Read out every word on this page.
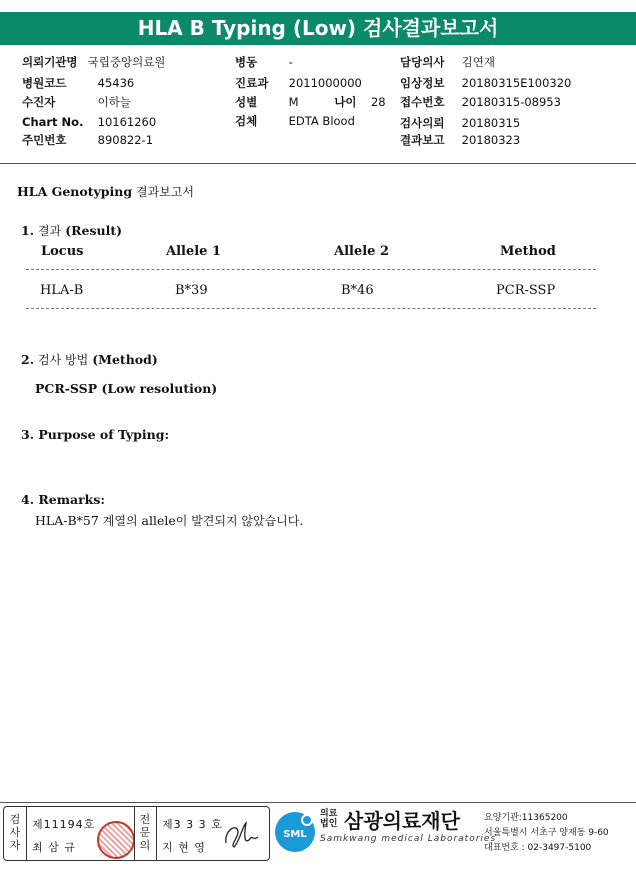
HLA B Typing (Low) 검사결과보고서
의뢰기관명 국립중앙의료원
병원코드	45436
수진자	이하늘
Chart No. 10161260
주민번호	890822-1
병동	-
진료과 2011000000
성별	M	나이 28
검체	EDTA Blood
담당의사 김연재
임상정보 20180315E100320
접수번호 20180315-08953
검사의뢰 20180315
결과보고 20180323
HLA Genotyping 결과보고서
1. 결과 (Result)
Locus	Allele 1	Allele 2	Method
HLA-B	B*39	B*46	PCR-SSP
2. 검사 방법 (Method)
PCR-SSP (Low resolution)
3. Purpose of Typing:
4. Remarks:
HLA-B*57 계열의 allele이 발견되지 않았습니다.
검사자
제11194호
최 삼 규
전문의
제3 3 3 호
지 현 영
SML
의료
법인 삼광의료재단
Samkwang medical Laboratories
요양기관:11365200
서울특별시 서초구 양재동 9-60
대표번호 : 02-3497-5100
